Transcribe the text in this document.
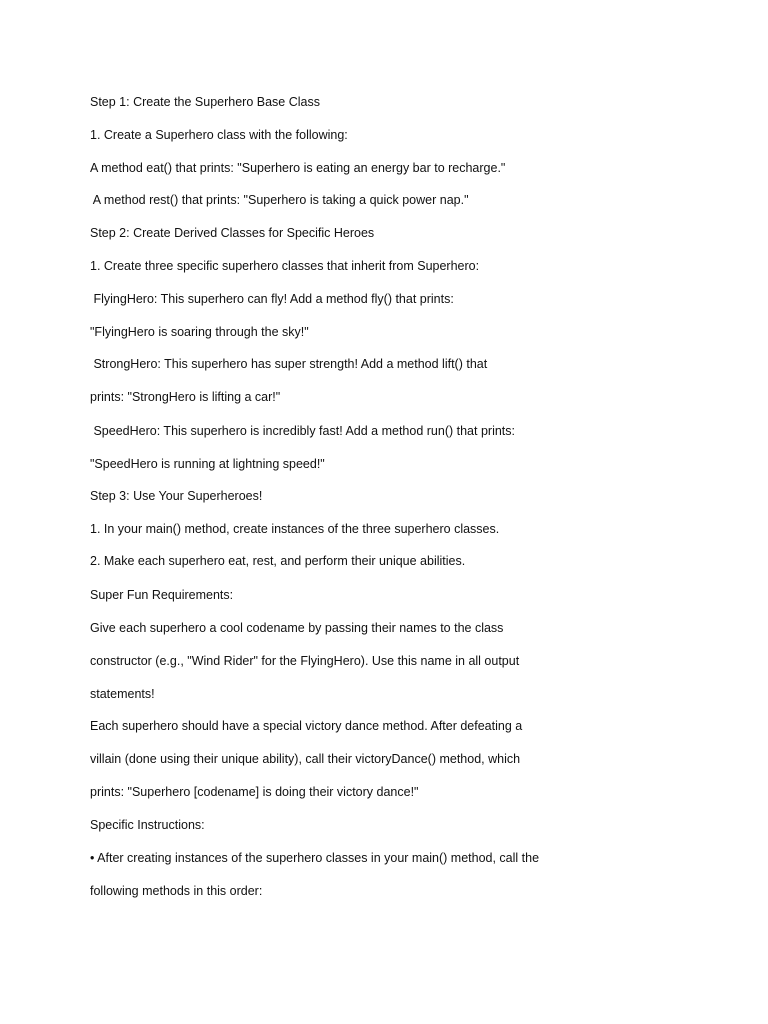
Step 1: Create the Superhero Base Class
1. Create a Superhero class with the following:
A method eat() that prints: "Superhero is eating an energy bar to recharge."
A method rest() that prints: "Superhero is taking a quick power nap."
Step 2: Create Derived Classes for Specific Heroes
1. Create three specific superhero classes that inherit from Superhero:
FlyingHero: This superhero can fly! Add a method fly() that prints:
"FlyingHero is soaring through the sky!"
StrongHero: This superhero has super strength! Add a method lift() that
prints: "StrongHero is lifting a car!"
SpeedHero: This superhero is incredibly fast! Add a method run() that prints:
"SpeedHero is running at lightning speed!"
Step 3: Use Your Superheroes!
1. In your main() method, create instances of the three superhero classes.
2. Make each superhero eat, rest, and perform their unique abilities.
Super Fun Requirements:
Give each superhero a cool codename by passing their names to the class
constructor (e.g., "Wind Rider" for the FlyingHero). Use this name in all output
statements!
Each superhero should have a special victory dance method. After defeating a
villain (done using their unique ability), call their victoryDance() method, which
prints: "Superhero [codename] is doing their victory dance!"
Specific Instructions:
• After creating instances of the superhero classes in your main() method, call the
following methods in this order:
